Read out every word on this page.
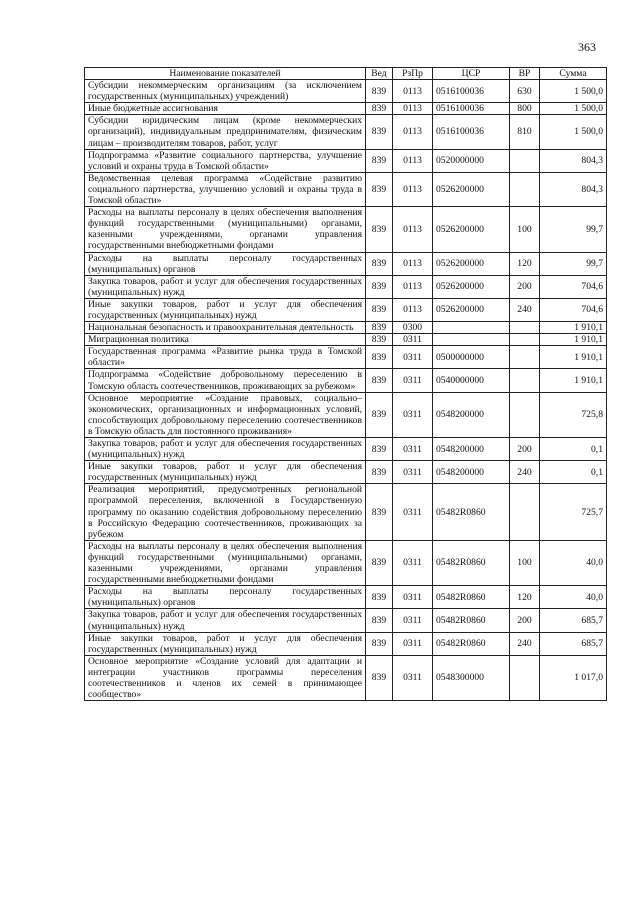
363
Наименование показателей	Вед	РзПр	ЦСР	ВР	Сумма
Субсидии некоммерческим организациям (за исключением государственных (муниципальных) учреждений)	839	0113	0516100036	630	1 500,0
Иные бюджетные ассигнования	839	0113	0516100036	800	1 500,0
Субсидии юридическим лицам (кроме некоммерческих организаций), индивидуальным предпринимателям, физическим лицам – производителям товаров, работ, услуг	839	0113	0516100036	810	1 500,0
Подпрограмма «Развитие социального партнерства, улучшение условий и охраны труда в Томской области»	839	0113	0520000000		804,3
Ведомственная целевая программа «Содействие развитию социального партнерства, улучшению условий и охраны труда в Томской области»	839	0113	0526200000		804,3
Расходы на выплаты персоналу в целях обеспечения выполнения функций государственными (муниципальными) органами, казенными учреждениями, органами управления государственными внебюджетными фондами	839	0113	0526200000	100	99,7
Расходы на выплаты персоналу государственных (муниципальных) органов	839	0113	0526200000	120	99,7
Закупка товаров, работ и услуг для обеспечения государственных (муниципальных) нужд	839	0113	0526200000	200	704,6
Иные закупки товаров, работ и услуг для обеспечения государственных (муниципальных) нужд	839	0113	0526200000	240	704,6
Национальная безопасность и правоохранительная деятельность	839	0300			1 910,1
Миграционная политика	839	0311			1 910,1
Государственная программа «Развитие рынка труда в Томской области»	839	0311	0500000000		1 910,1
Подпрограмма «Содействие добровольному переселению в Томскую область соотечественников, проживающих за рубежом»	839	0311	0540000000		1 910,1
Основное мероприятие «Создание правовых, социально–экономических, организационных и информационных условий, способствующих добровольному переселению соотечественников в Томскую область для постоянного проживания»	839	0311	0548200000		725,8
Закупка товаров, работ и услуг для обеспечения государственных (муниципальных) нужд	839	0311	0548200000	200	0,1
Иные закупки товаров, работ и услуг для обеспечения государственных (муниципальных) нужд	839	0311	0548200000	240	0,1
Реализация мероприятий, предусмотренных региональной программой переселения, включенной в Государственную программу по оказанию содействия добровольному переселению в Российскую Федерацию соотечественников, проживающих за рубежом	839	0311	05482R0860		725,7
Расходы на выплаты персоналу в целях обеспечения выполнения функций государственными (муниципальными) органами, казенными учреждениями, органами управления государственными внебюджетными фондами	839	0311	05482R0860	100	40,0
Расходы на выплаты персоналу государственных (муниципальных) органов	839	0311	05482R0860	120	40,0
Закупка товаров, работ и услуг для обеспечения государственных (муниципальных) нужд	839	0311	05482R0860	200	685,7
Иные закупки товаров, работ и услуг для обеспечения государственных (муниципальных) нужд	839	0311	05482R0860	240	685,7
Основное мероприятие «Создание условий для адаптации и интеграции участников программы переселения соотечественников и членов их семей в принимающее сообщество»	839	0311	0548300000		1 017,0
